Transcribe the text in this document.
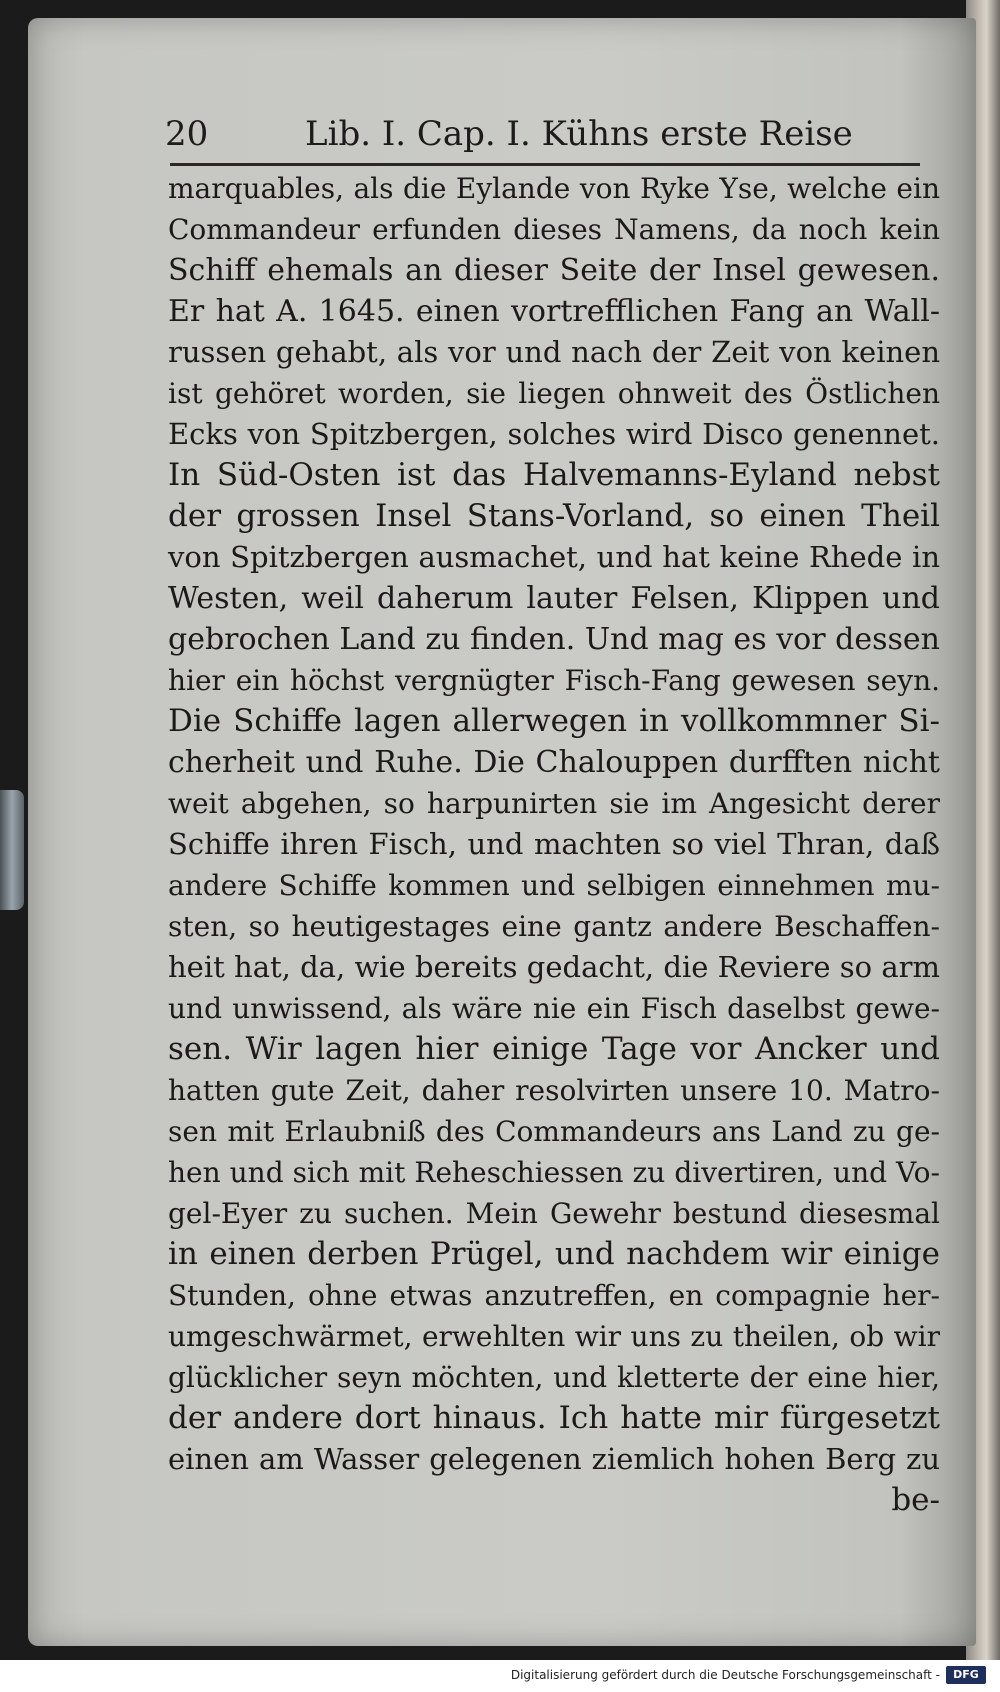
20	Lib. I. Cap. I. Kühns erste Reise
marquables, als die Eylande von Ryke Yse, welche ein
Commandeur erfunden dieses Namens, da noch kein
Schiff ehemals an dieser Seite der Insel gewesen.
Er hat A. 1645. einen vortrefflichen Fang an Wall-
russen gehabt, als vor und nach der Zeit von keinen
ist gehöret worden, sie liegen ohnweit des Östlichen
Ecks von Spitzbergen, solches wird Disco genennet.
In Süd-Osten ist das Halvemanns-Eyland nebst
der grossen Insel Stans-Vorland, so einen Theil
von Spitzbergen ausmachet, und hat keine Rhede in
Westen, weil daherum lauter Felsen, Klippen und
gebrochen Land zu finden. Und mag es vor dessen
hier ein höchst vergnügter Fisch-Fang gewesen seyn.
Die Schiffe lagen allerwegen in vollkommner Si-
cherheit und Ruhe. Die Chalouppen durfften nicht
weit abgehen, so harpunirten sie im Angesicht derer
Schiffe ihren Fisch, und machten so viel Thran, daß
andere Schiffe kommen und selbigen einnehmen mu-
sten, so heutigestages eine gantz andere Beschaffen-
heit hat, da, wie bereits gedacht, die Reviere so arm
und unwissend, als wäre nie ein Fisch daselbst gewe-
sen. Wir lagen hier einige Tage vor Ancker und
hatten gute Zeit, daher resolvirten unsere 10. Matro-
sen mit Erlaubniß des Commandeurs ans Land zu ge-
hen und sich mit Reheschiessen zu divertiren, und Vo-
gel-Eyer zu suchen. Mein Gewehr bestund diesesmal
in einen derben Prügel, und nachdem wir einige
Stunden, ohne etwas anzutreffen, en compagnie her-
umgeschwärmet, erwehlten wir uns zu theilen, ob wir
glücklicher seyn möchten, und kletterte der eine hier,
der andere dort hinaus. Ich hatte mir fürgesetzt
einen am Wasser gelegenen ziemlich hohen Berg zu
be-
Digitalisierung gefördert durch die Deutsche Forschungsgemeinschaft -	DFG
